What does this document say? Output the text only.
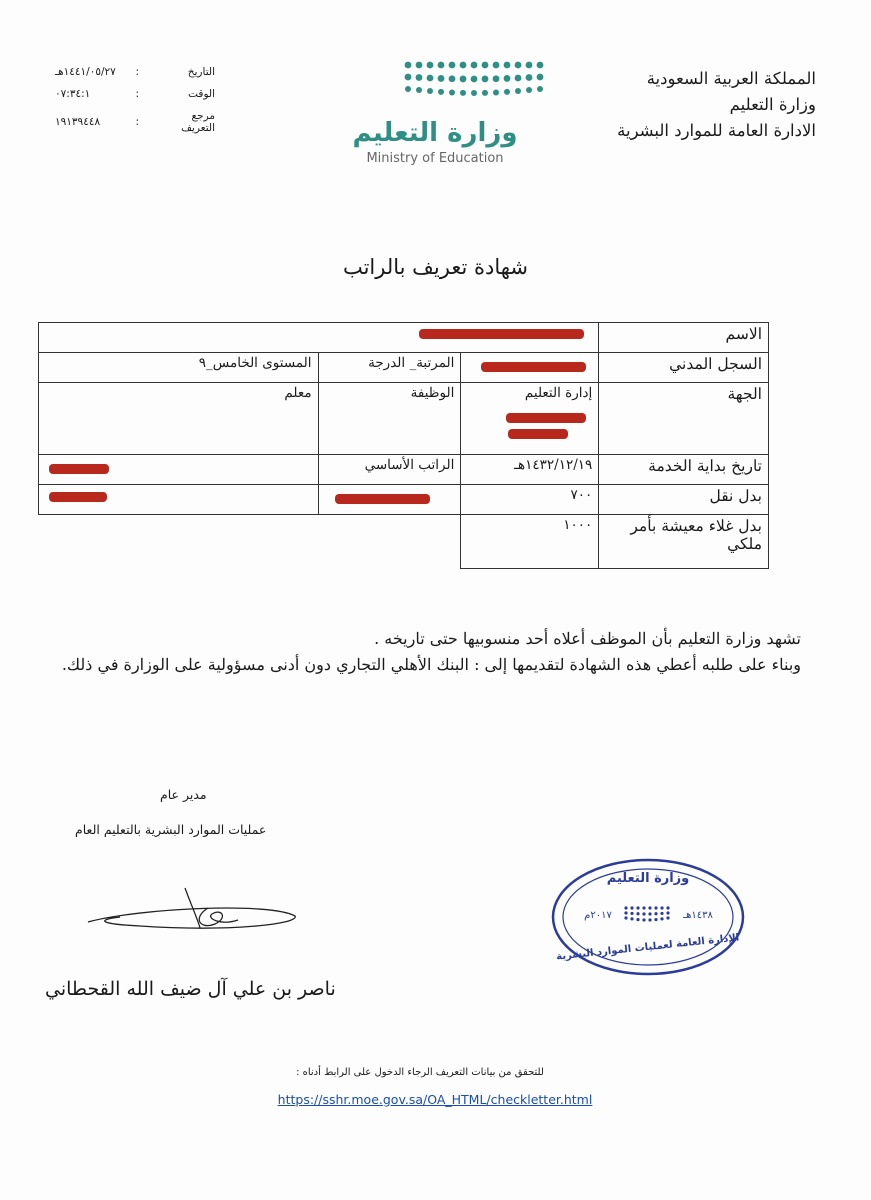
المملكة العربية السعودية
وزارة التعليم
الادارة العامة للموارد البشرية
التاريخ
:
١٤٤١/٠٥/٢٧هـ
الوقت
:
٠٧:٣٤:١
مرجع التعريف
:
١٩١٣٩٤٤٨	وزارة التعليم
Ministry of Education
شهادة تعريف بالراتب
الاسم			

السجل المدني		المرتبة_ الدرجة	المستوى الخامس_٩
الجهة	إدارة التعليم	الوظيفة	معلم
تاريخ بداية الخدمة	١٤٣٢/١٢/١٩هـ	الراتب الأساسي	

بدل نقل	٧٠٠	

بدل غلاء معيشة بأمر ملكي	١٠٠٠		
تشهد وزارة التعليم بأن الموظف أعلاه أحد منسوبيها حتى تاريخه .
وبناء على طلبه أعطي هذه الشهادة لتقديمها إلى : البنك الأهلي التجاري دون أدنى مسؤولية على الوزارة في ذلك.
مدير عام
عمليات الموارد البشرية بالتعليم العام
ناصر بن علي آل ضيف الله القحطاني
وزارة التعليم
١٤٣٨هـ
٢٠١٧م
الإدارة العامة لعمليات الموارد البشرية
للتحقق من بيانات التعريف الرجاء الدخول على الرابط أدناه :
https://sshr.moe.gov.sa/OA_HTML/checkletter.html
